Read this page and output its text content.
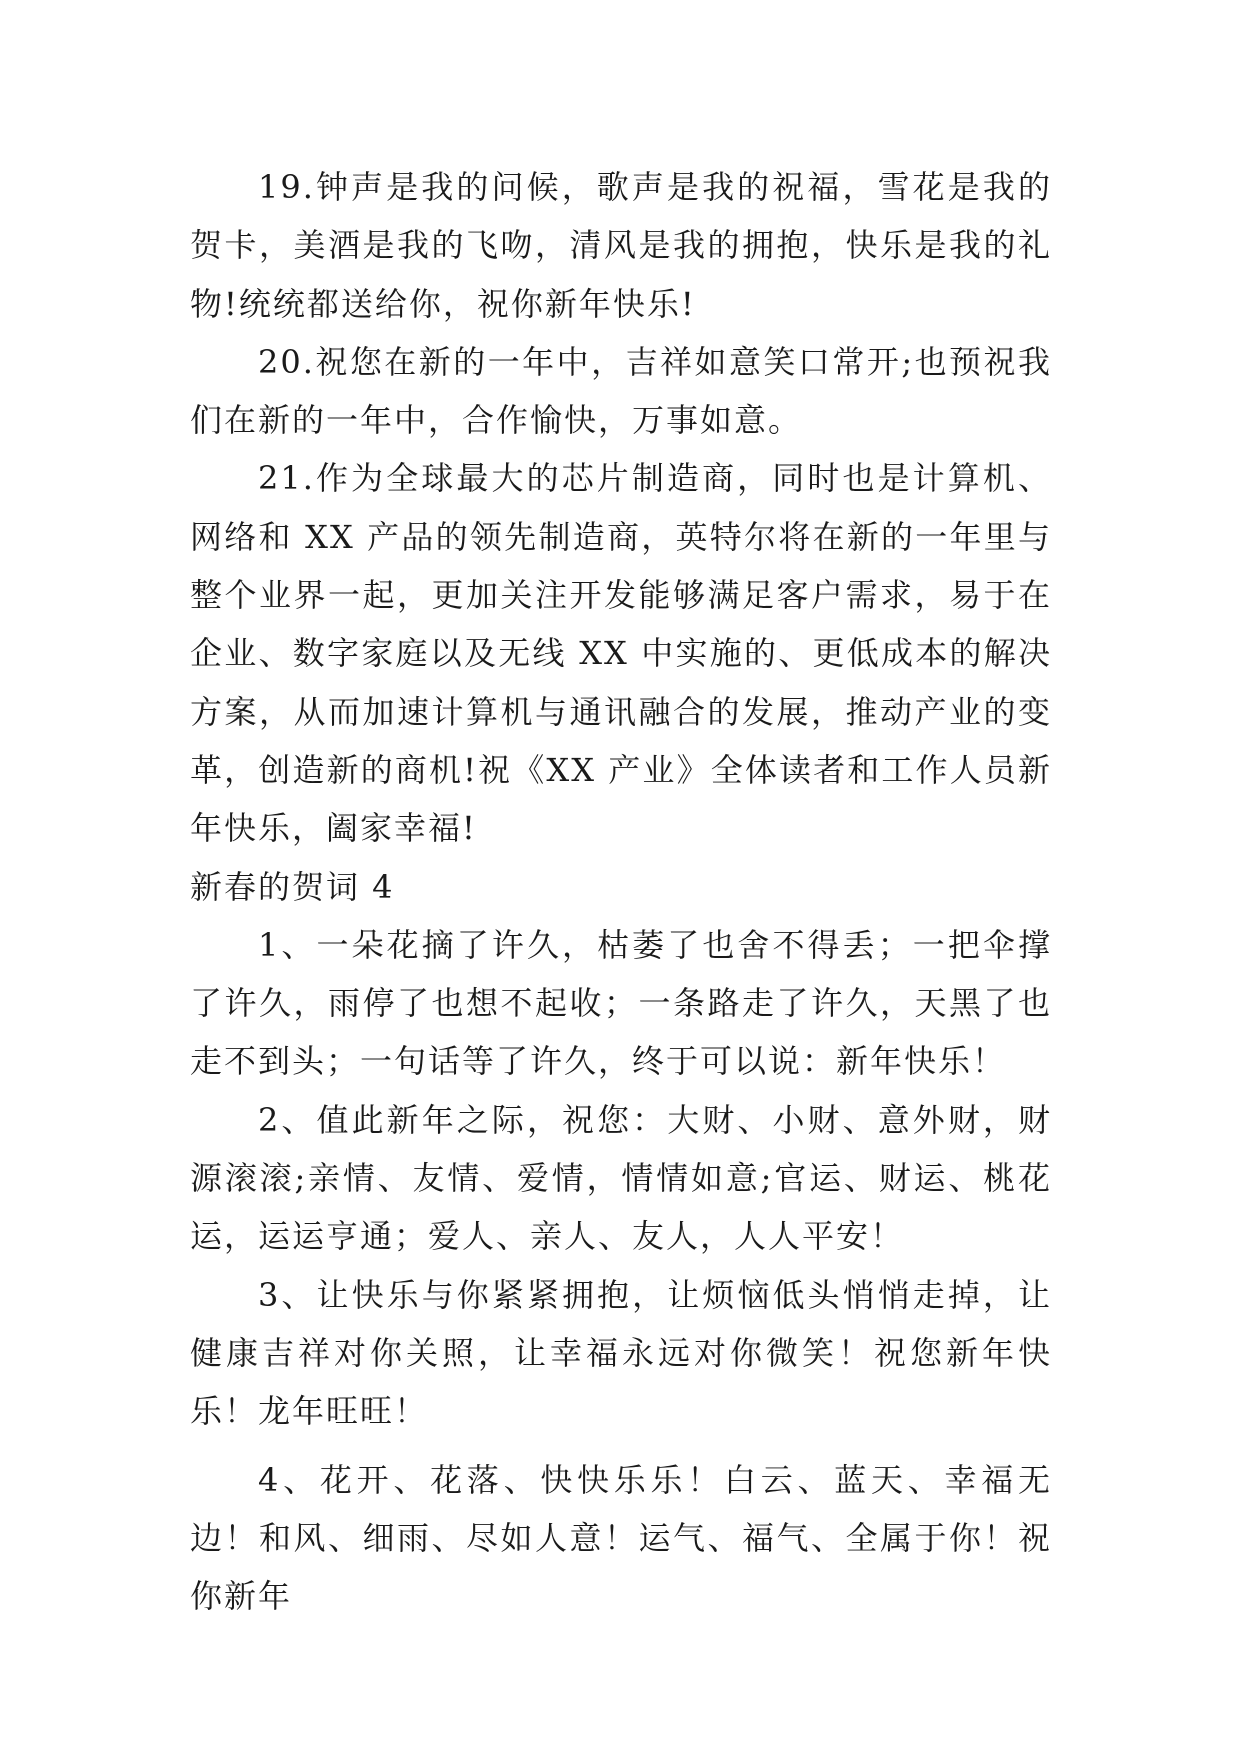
19.钟声是我的问候，歌声是我的祝福，雪花是我的贺卡，美酒是我的飞吻，清风是我的拥抱，快乐是我的礼物!统统都送给你，祝你新年快乐!

20.祝您在新的一年中，吉祥如意笑口常开;也预祝我们在新的一年中，合作愉快，万事如意。

21.作为全球最大的芯片制造商，同时也是计算机、网络和 XX 产品的领先制造商，英特尔将在新的一年里与整个业界一起，更加关注开发能够满足客户需求，易于在企业、数字家庭以及无线 XX 中实施的、更低成本的解决方案，从而加速计算机与通讯融合的发展，推动产业的变革，创造新的商机!祝《XX 产业》全体读者和工作人员新年快乐，阖家幸福!

新春的贺词 4

1、一朵花摘了许久，枯萎了也舍不得丢；一把伞撑了许久，雨停了也想不起收；一条路走了许久，天黑了也走不到头；一句话等了许久，终于可以说：新年快乐！

2、值此新年之际，祝您：大财、小财、意外财，财源滚滚;亲情、友情、爱情，情情如意;官运、财运、桃花运，运运亨通；爱人、亲人、友人，人人平安！

3、让快乐与你紧紧拥抱，让烦恼低头悄悄走掉，让健康吉祥对你关照，让幸福永远对你微笑！祝您新年快乐！龙年旺旺！

4、花开、花落、快快乐乐！白云、蓝天、幸福无边！和风、细雨、尽如人意！运气、福气、全属于你！祝你新年
